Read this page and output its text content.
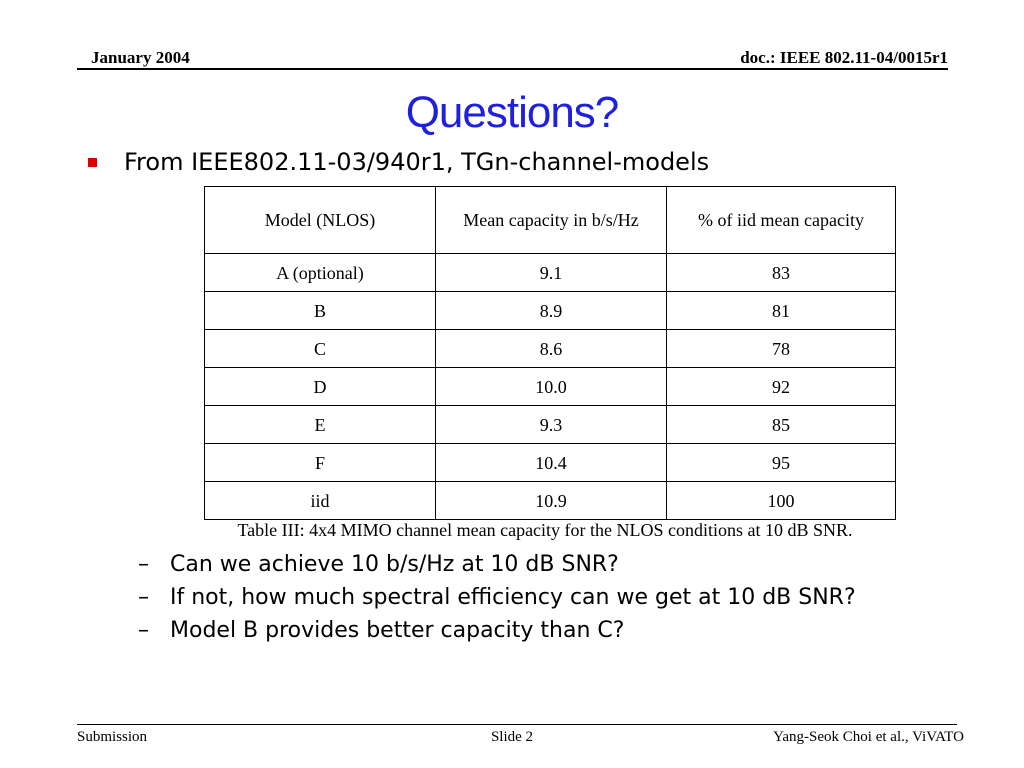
January 2004	doc.: IEEE 802.11-04/0015r1
Questions?
From IEEE802.11-03/940r1, TGn-channel-models
Model (NLOS)	Mean capacity in b/s/Hz	% of iid mean capacity
A (optional)	9.1	83
B	8.9	81
C	8.6	78
D	10.0	92
E	9.3	85
F	10.4	95
iid	10.9	100
Table III: 4x4 MIMO channel mean capacity for the NLOS conditions at 10 dB SNR.
– Can we achieve 10 b/s/Hz at 10 dB SNR?
– If not, how much spectral efficiency can we get at 10 dB SNR?
– Model B provides better capacity than C?
Submission	Slide 2	Yang-Seok Choi et al., ViVATO
